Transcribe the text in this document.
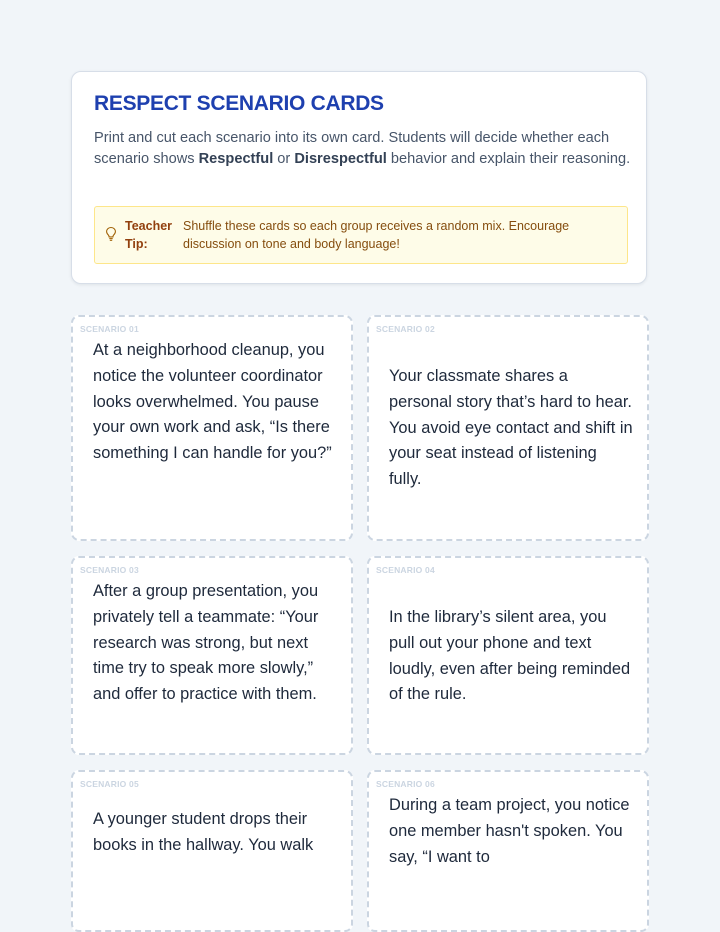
RESPECT SCENARIO CARDS
Print and cut each scenario into its own card. Students will decide whether each scenario shows Respectful or Disrespectful behavior and explain their reasoning.
Teacher Tip:
Shuffle these cards so each group receives a random mix. Encourage discussion on tone and body language!
SCENARIO 01
At a neighborhood cleanup, you notice the volunteer coordinator looks overwhelmed. You pause your own work and ask, “Is there something I can handle for you?”
SCENARIO 02
Your classmate shares a personal story that’s hard to hear. You avoid eye contact and shift in your seat instead of listening fully.
SCENARIO 03
After a group presentation, you privately tell a teammate: “Your research was strong, but next time try to speak more slowly,” and offer to practice with them.
SCENARIO 04
In the library’s silent area, you pull out your phone and text loudly, even after being reminded of the rule.
SCENARIO 05
A younger student drops their books in the hallway. You walk
SCENARIO 06
During a team project, you notice one member hasn't spoken. You say, “I want to
